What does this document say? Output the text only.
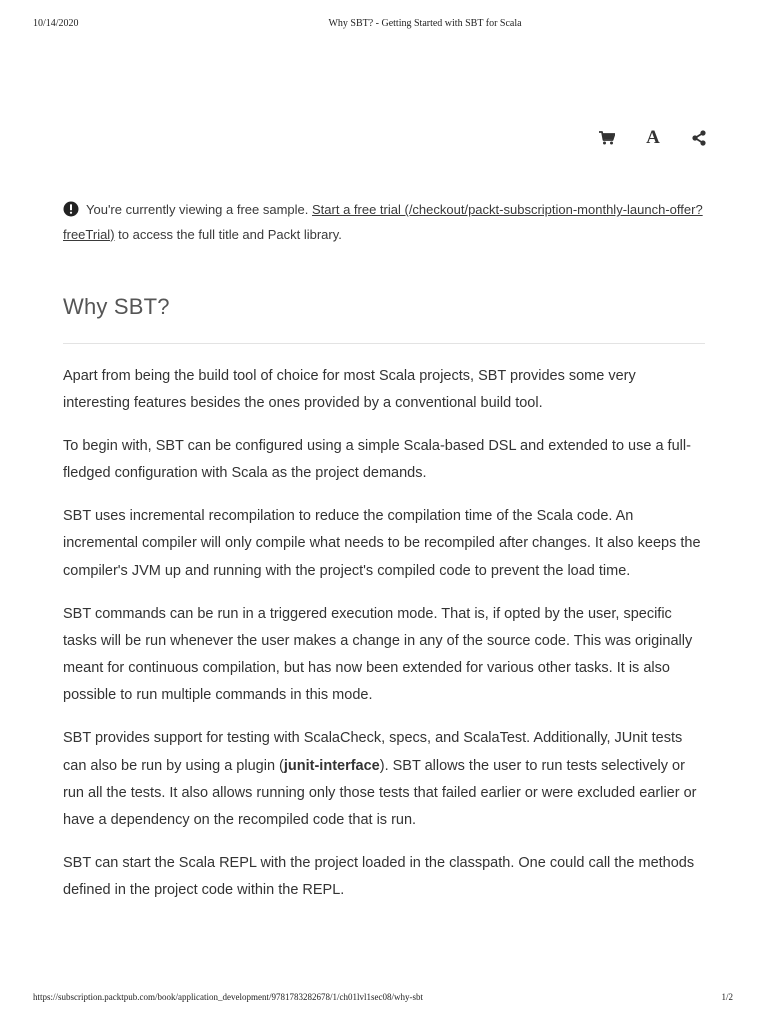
10/14/2020	Why SBT? - Getting Started with SBT for Scala
A
You're currently viewing a free sample. Start a free trial (/checkout/packt-subscription-monthly-launch-offer?freeTrial) to access the full title and Packt library.
Why SBT?

Apart from being the build tool of choice for most Scala projects, SBT provides some very interesting features besides the ones provided by a conventional build tool.

To begin with, SBT can be configured using a simple Scala-based DSL and extended to use a full-fledged configuration with Scala as the project demands.

SBT uses incremental recompilation to reduce the compilation time of the Scala code. An incremental compiler will only compile what needs to be recompiled after changes. It also keeps the compiler's JVM up and running with the project's compiled code to prevent the load time.

SBT commands can be run in a triggered execution mode. That is, if opted by the user, specific tasks will be run whenever the user makes a change in any of the source code. This was originally meant for continuous compilation, but has now been extended for various other tasks. It is also possible to run multiple commands in this mode.

SBT provides support for testing with ScalaCheck, specs, and ScalaTest. Additionally, JUnit tests can also be run by using a plugin (junit-interface). SBT allows the user to run tests selectively or run all the tests. It also allows running only those tests that failed earlier or were excluded earlier or have a dependency on the recompiled code that is run.

SBT can start the Scala REPL with the project loaded in the classpath. One could call the methods defined in the project code within the REPL.

https://subscription.packtpub.com/book/application_development/9781783282678/1/ch01lvl1sec08/why-sbt	1/2
